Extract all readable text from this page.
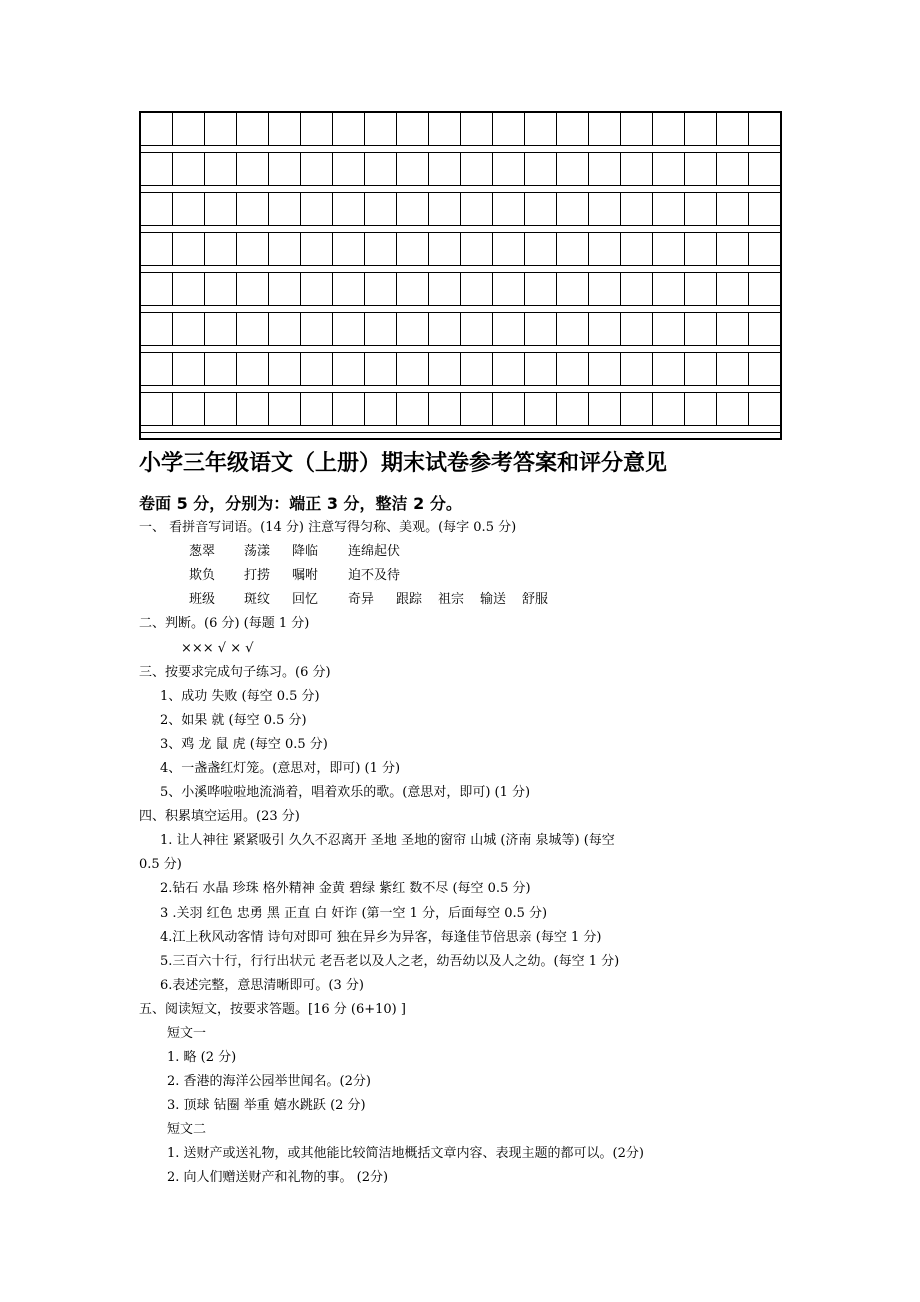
小学三年级语文（上册）期末试卷参考答案和评分意见
卷面 5 分，分别为：端正 3 分，整洁 2 分。
一、 看拼音写词语。(14 分) 注意写得匀称、美观。(每字 0.5 分)
葱翠 荡漾 降临 连绵起伏
欺负 打捞 嘱咐 迫不及待
班级 斑纹 回忆 奇异 跟踪 祖宗 输送 舒服
二、判断。(6 分) (每题 1 分)
××× √ × √
三、按要求完成句子练习。(6 分)
1、成功 失败 (每空 0.5 分)
2、如果 就 (每空 0.5 分)
3、鸡 龙 鼠 虎 (每空 0.5 分)
4、一盏盏红灯笼。(意思对，即可) (1 分)
5、小溪哗啦啦地流淌着，唱着欢乐的歌。(意思对，即可) (1 分)
四、积累填空运用。(23 分)
1. 让人神往 紧紧吸引 久久不忍离开 圣地 圣地的窗帘 山城 (济南 泉城等) (每空
0.5 分)
2.钻石 水晶 珍珠 格外精神 金黄 碧绿 紫红 数不尽 (每空 0.5 分)
3 .关羽 红色 忠勇 黑 正直 白 奸诈 (第一空 1 分，后面每空 0.5 分)
4.江上秋风动客情 诗句对即可 独在异乡为异客，每逢佳节倍思亲 (每空 1 分)
5.三百六十行，行行出状元 老吾老以及人之老，幼吾幼以及人之幼。(每空 1 分)
6.表述完整，意思清晰即可。(3 分)
五、阅读短文，按要求答题。[16 分 (6+10) ]
短文一
1. 略 (2 分)
2. 香港的海洋公园举世闻名。(2分)
3. 顶球 钻圈 举重 嬉水跳跃 (2 分)
短文二
1. 送财产或送礼物，或其他能比较简洁地概括文章内容、表现主题的都可以。(2分)
2. 向人们赠送财产和礼物的事。 (2分)
